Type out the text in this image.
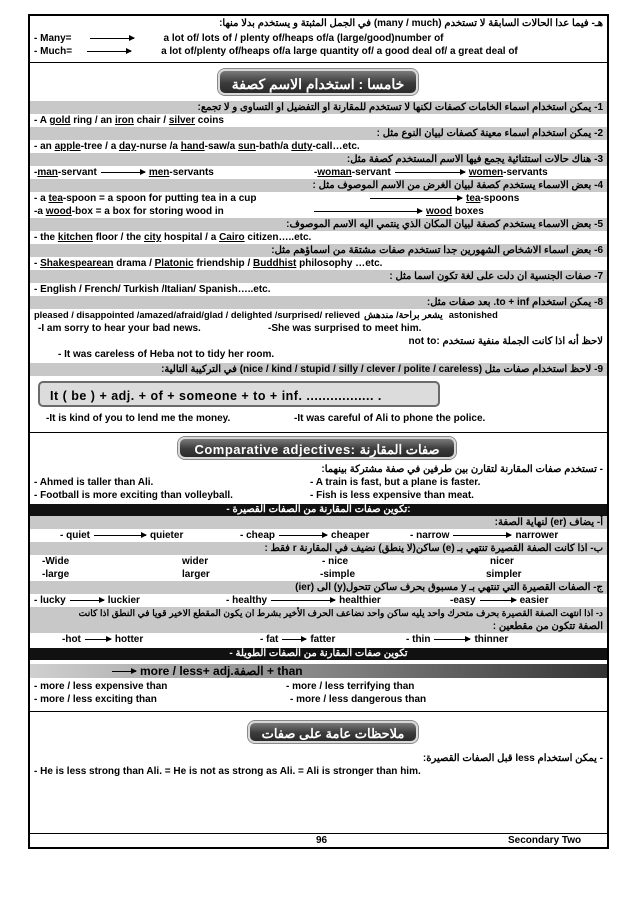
هـ- فيما عدا الحالات السابقة لا تستخدم (many / much) في الجمل المثبتة و يستخدم بدلا منها:
- Many=	a lot of/ lots of / plenty of/heaps of/a (large/good)number of
- Much=	a lot of/plenty of/heaps of/a large quantity of/ a good deal of/ a great deal of
خامسا : استخدام الاسم كصفة
1- يمكن استخدام اسماء الخامات كصفات لكنها لا تستخدم للمقارنة او التفضيل او التساوى و لا تجمع:
- A gold ring / an iron chair / silver coins
2- يمكن استخدام اسماء معينة كصفات لبيان النوع مثل :
- an apple-tree / a day-nurse /a hand-saw/a sun-bath/a duty-call…etc.
3- هناك حالات استثنائية يجمع فيها الاسم المستخدم كصفة مثل:
-man-servant	men-servants	-woman-servant	women-servants
4- بعض الاسماء يستخدم كصفة لبيان الغرض من الاسم الموصوف مثل :
- a tea-spoon = a spoon for putting tea in a cup	tea-spoons
-a wood-box = a box for storing wood in	wood boxes
5- بعض الاسماء يستخدم كصفة لبيان المكان الذي ينتمي اليه الاسم الموصوف:
- the kitchen floor / the city hospital / a Cairo citizen…..etc.
6- بعض اسماء الاشخاص الشهورين جدا تستخدم صفات مشتقة من اسماؤهم مثل:
- Shakespearean drama / Platonic friendship / Buddhist philosophy …etc.
7- صفات الجنسية ان دلت على لغة تكون اسما مثل :
- English / French/ Turkish /Italian/ Spanish…..etc.
8- يمكن استخدام to + inf. بعد صفات مثل:
pleased / disappointed /amazed/afraid/glad / delighted /surprised/ relieved يشعر براحة/ مندهش astonished
-I am sorry to hear your bad news.	-She was surprised to meet him.
لاحظ أنه اذا كانت الجملة منفية نستخدم :not to
- It was careless of Heba not to tidy her room.
9- لاحظ استخدام صفات مثل (nice / kind / stupid / silly / clever / polite / careless) في التركيبة التالية:
It ( be ) + adj. + of + someone + to + inf. ................. .
-It is kind of you to lend me the money.	-It was careful of Ali to phone the police.
Comparative adjectives: صفات المقارنة
- تستخدم صفات المقارنة لتقارن بين طرفين في صفة مشتركة بينهما:
- Ahmed is taller than Ali.	- A train is fast, but a plane is faster.
- Football is more exciting than volleyball.	- Fish is less expensive than meat.
- تكوين صفات المقارنة من الصفات القصيرة:
أ- يضاف (er) لنهاية الصفة:
- quiet	quieter	- cheap	cheaper	- narrow	narrower
ب- اذا كانت الصفة القصيرة تنتهي بـ (e) ساكن(لا ينطق) نضيف في المقارنة r فقط :
-Wide	wider	- nice	nicer
-large	larger	-simple	simpler
ج- الصفات القصيرة التي تنتهي بـ y مسبوق بحرف ساكن تتحول(y) الى (ier)
- lucky	luckier	- healthy	healthier	-easy	easier
د- اذا انتهت الصفة القصيرة بحرف متحرك واحد يليه ساكن واحد نضاعف الحرف الأخير بشرط ان يكون المقطع الاخير قويا في النطق اذا كانت
الصفة تتكون من مقطعين :
-hot	hotter	- fat	fatter	- thin	thinner
- تكوين صفات المقارنة من الصفات الطويلة
more / less+ adj.الصفة + than
- more / less expensive than	- more / less terrifying than
- more / less exciting than	- more / less dangerous than
ملاحظات عامة على صفات المقارنة	- يمكن استخدام less قبل الصفات القصيرة:
- He is less strong than Ali. = He is not as strong as Ali. = Ali is stronger than him.
96	Secondary Two
